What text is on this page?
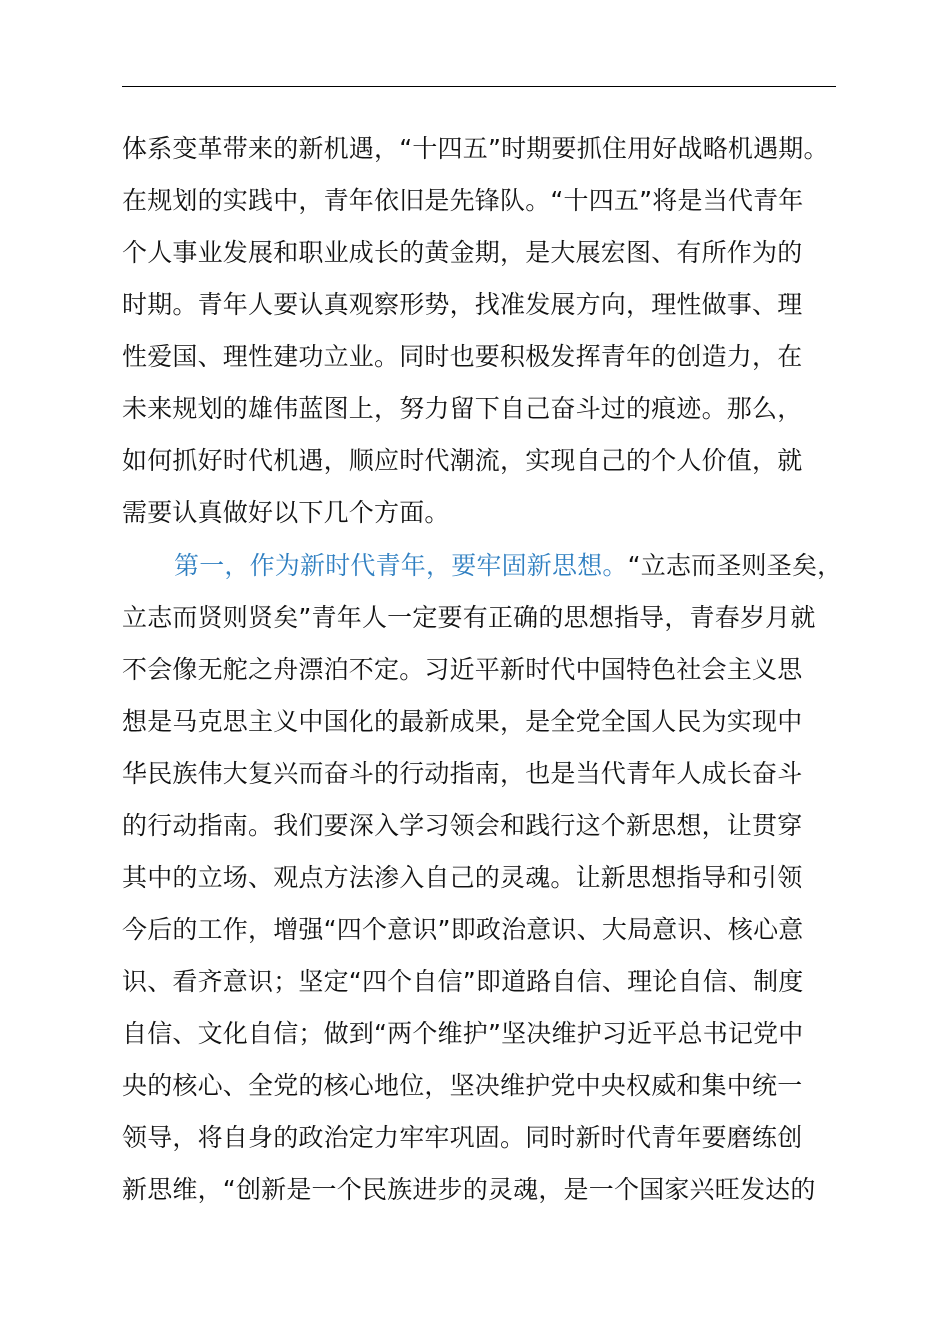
体系变革带来的新机遇，“十四五”时期要抓住用好战略机遇期。
在规划的实践中，青年依旧是先锋队。“十四五”将是当代青年
个人事业发展和职业成长的黄金期，是大展宏图、有所作为的
时期。青年人要认真观察形势，找准发展方向，理性做事、理
性爱国、理性建功立业。同时也要积极发挥青年的创造力，在
未来规划的雄伟蓝图上，努力留下自己奋斗过的痕迹。那么，
如何抓好时代机遇，顺应时代潮流，实现自己的个人价值，就
需要认真做好以下几个方面。
第一，作为新时代青年，要牢固新思想。“立志而圣则圣矣，
立志而贤则贤矣”青年人一定要有正确的思想指导，青春岁月就
不会像无舵之舟漂泊不定。习近平新时代中国特色社会主义思
想是马克思主义中国化的最新成果，是全党全国人民为实现中
华民族伟大复兴而奋斗的行动指南，也是当代青年人成长奋斗
的行动指南。我们要深入学习领会和践行这个新思想，让贯穿
其中的立场、观点方法渗入自己的灵魂。让新思想指导和引领
今后的工作，增强“四个意识”即政治意识、大局意识、核心意
识、看齐意识；坚定“四个自信”即道路自信、理论自信、制度
自信、文化自信；做到“两个维护”坚决维护习近平总书记党中
央的核心、全党的核心地位，坚决维护党中央权威和集中统一
领导，将自身的政治定力牢牢巩固。同时新时代青年要磨练创
新思维，“创新是一个民族进步的灵魂，是一个国家兴旺发达的
